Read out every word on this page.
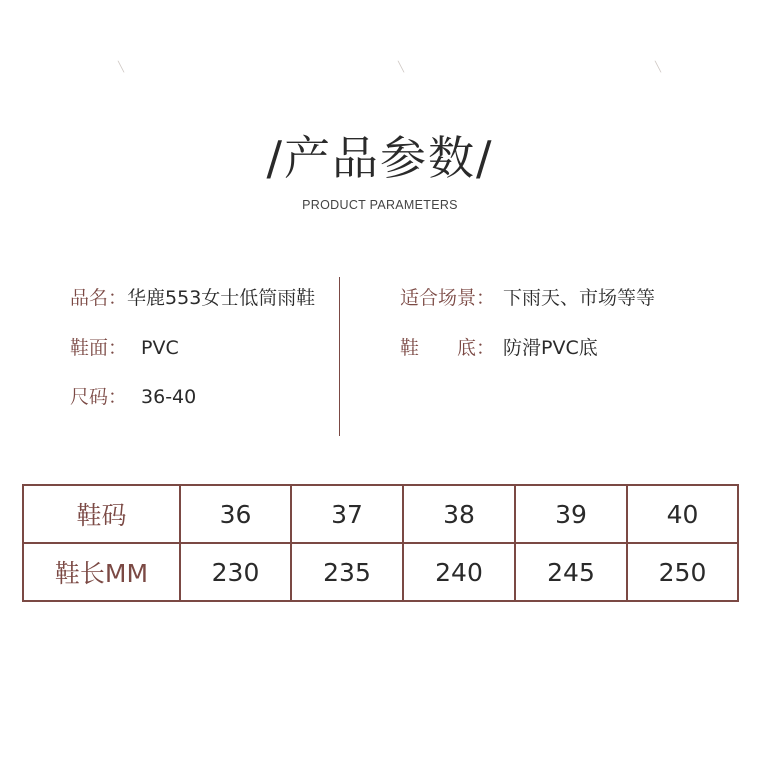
╲	╲	╲
/产品参数/
PRODUCT PARAMETERS
品名：华鹿553女士低筒雨鞋
鞋面： PVC
尺码： 36-40
适合场景： 下雨天、市场等等
鞋　　底： 防滑PVC底
鞋码	36	37	38	39	40
鞋长MM	230	235	240	245	250
